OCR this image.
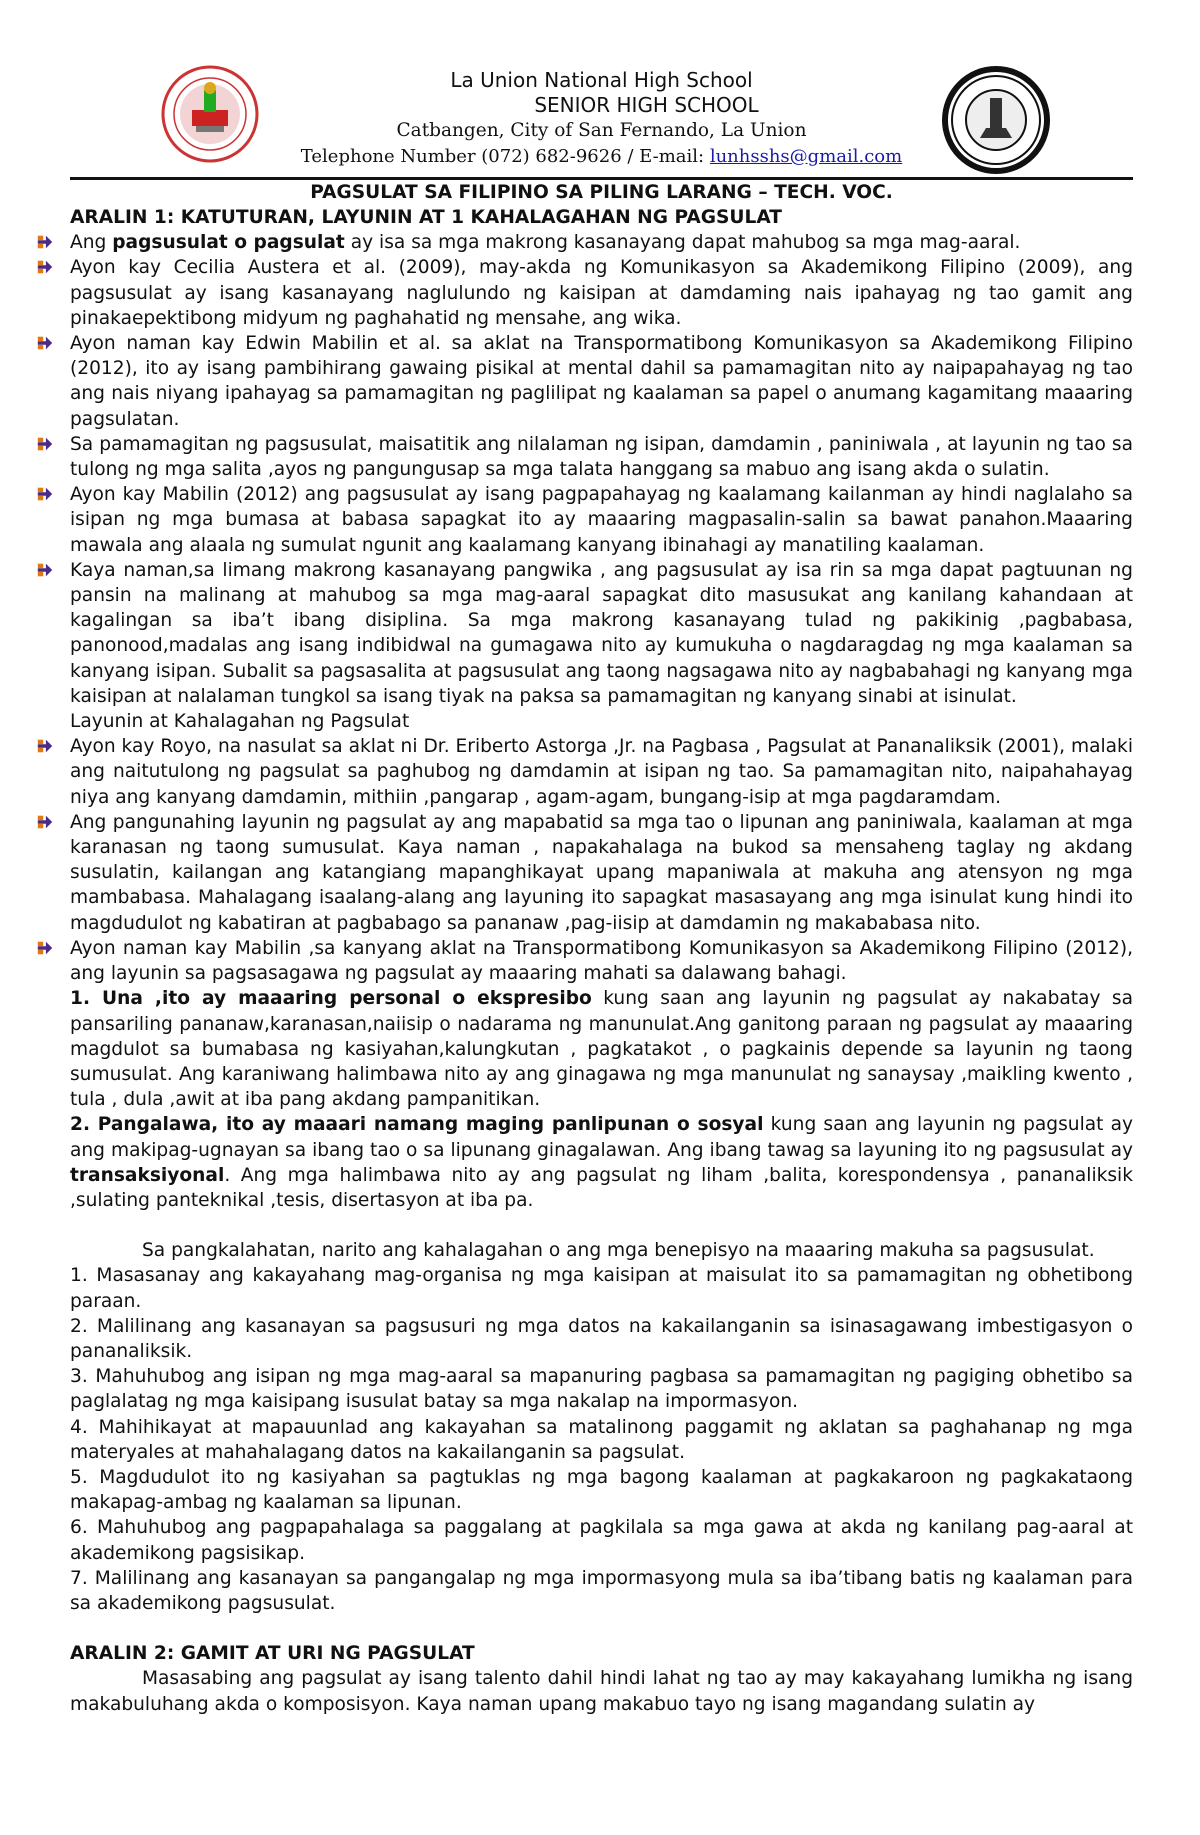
La Union National High School
SENIOR HIGH SCHOOL
Catbangen, City of San Fernando, La Union
Telephone Number (072) 682-9626 / E-mail: lunhsshs@gmail.com
PAGSULAT SA FILIPINO SA PILING LARANG – TECH. VOC.
ARALIN 1: KATUTURAN, LAYUNIN AT 1 KAHALAGAHAN NG PAGSULAT
Ang pagsusulat o pagsulat ay isa sa mga makrong kasanayang dapat mahubog sa mga mag-aaral.
Ayon kay Cecilia Austera et al. (2009), may-akda ng Komunikasyon sa Akademikong Filipino (2009), ang pagsusulat ay isang kasanayang naglulundo ng kaisipan at damdaming nais ipahayag ng tao gamit ang pinakaepektibong midyum ng paghahatid ng mensahe, ang wika.
Ayon naman kay Edwin Mabilin et al. sa aklat na Transpormatibong Komunikasyon sa Akademikong Filipino (2012), ito ay isang pambihirang gawaing pisikal at mental dahil sa pamamagitan nito ay naipapahayag ng tao ang nais niyang ipahayag sa pamamagitan ng paglilipat ng kaalaman sa papel o anumang kagamitang maaaring pagsulatan.
Sa pamamagitan ng pagsusulat, maisatitik ang nilalaman ng isipan, damdamin , paniniwala , at layunin ng tao sa tulong ng mga salita ,ayos ng pangungusap sa mga talata hanggang sa mabuo ang isang akda o sulatin.
Ayon kay Mabilin (2012) ang pagsusulat ay isang pagpapahayag ng kaalamang kailanman ay hindi naglalaho sa isipan ng mga bumasa at babasa sapagkat ito ay maaaring magpasalin-salin sa bawat panahon.Maaaring mawala ang alaala ng sumulat ngunit ang kaalamang kanyang ibinahagi ay manatiling kaalaman.
Kaya naman,sa limang makrong kasanayang pangwika , ang pagsusulat ay isa rin sa mga dapat pagtuunan ng pansin na malinang at mahubog sa mga mag-aaral sapagkat dito masusukat ang kanilang kahandaan at kagalingan sa iba’t ibang disiplina. Sa mga makrong kasanayang tulad ng pakikinig ,pagbabasa, panonood,madalas ang isang indibidwal na gumagawa nito ay kumukuha o nagdaragdag ng mga kaalaman sa kanyang isipan. Subalit sa pagsasalita at pagsusulat ang taong nagsagawa nito ay nagbabahagi ng kanyang mga kaisipan at nalalaman tungkol sa isang tiyak na paksa sa pamamagitan ng kanyang sinabi at isinulat.
Layunin at Kahalagahan ng Pagsulat
Ayon kay Royo, na nasulat sa aklat ni Dr. Eriberto Astorga ,Jr. na Pagbasa , Pagsulat at Pananaliksik (2001), malaki ang naitutulong ng pagsulat sa paghubog ng damdamin at isipan ng tao. Sa pamamagitan nito, naipahahayag niya ang kanyang damdamin, mithiin ,pangarap , agam-agam, bungang-isip at mga pagdaramdam.
Ang pangunahing layunin ng pagsulat ay ang mapabatid sa mga tao o lipunan ang paniniwala, kaalaman at mga karanasan ng taong sumusulat. Kaya naman , napakahalaga na bukod sa mensaheng taglay ng akdang susulatin, kailangan ang katangiang mapanghikayat upang mapaniwala at makuha ang atensyon ng mga mambabasa. Mahalagang isaalang-alang ang layuning ito sapagkat masasayang ang mga isinulat kung hindi ito magdudulot ng kabatiran at pagbabago sa pananaw ,pag-iisip at damdamin ng makababasa nito.
Ayon naman kay Mabilin ,sa kanyang aklat na Transpormatibong Komunikasyon sa Akademikong Filipino (2012), ang layunin sa pagsasagawa ng pagsulat ay maaaring mahati sa dalawang bahagi.
1. Una ,ito ay maaaring personal o ekspresibo kung saan ang layunin ng pagsulat ay nakabatay sa pansariling pananaw,karanasan,naiisip o nadarama ng manunulat.Ang ganitong paraan ng pagsulat ay maaaring magdulot sa bumabasa ng kasiyahan,kalungkutan , pagkatakot , o pagkainis depende sa layunin ng taong sumusulat. Ang karaniwang halimbawa nito ay ang ginagawa ng mga manunulat ng sanaysay ,maikling kwento , tula , dula ,awit at iba pang akdang pampanitikan.
2. Pangalawa, ito ay maaari namang maging panlipunan o sosyal kung saan ang layunin ng pagsulat ay ang makipag-ugnayan sa ibang tao o sa lipunang ginagalawan. Ang ibang tawag sa layuning ito ng pagsusulat ay transaksiyonal. Ang mga halimbawa nito ay ang pagsulat ng liham ,balita, korespondensya , pananaliksik ,sulating panteknikal ,tesis, disertasyon at iba pa.
Sa pangkalahatan, narito ang kahalagahan o ang mga benepisyo na maaaring makuha sa pagsusulat.
1. Masasanay ang kakayahang mag-organisa ng mga kaisipan at maisulat ito sa pamamagitan ng obhetibong paraan.
2. Malilinang ang kasanayan sa pagsusuri ng mga datos na kakailanganin sa isinasagawang imbestigasyon o pananaliksik.
3. Mahuhubog ang isipan ng mga mag-aaral sa mapanuring pagbasa sa pamamagitan ng pagiging obhetibo sa paglalatag ng mga kaisipang isusulat batay sa mga nakalap na impormasyon.
4. Mahihikayat at mapauunlad ang kakayahan sa matalinong paggamit ng aklatan sa paghahanap ng mga materyales at mahahalagang datos na kakailanganin sa pagsulat.
5. Magdudulot ito ng kasiyahan sa pagtuklas ng mga bagong kaalaman at pagkakaroon ng pagkakataong makapag-ambag ng kaalaman sa lipunan.
6. Mahuhubog ang pagpapahalaga sa paggalang at pagkilala sa mga gawa at akda ng kanilang pag-aaral at akademikong pagsisikap.
7. Malilinang ang kasanayan sa pangangalap ng mga impormasyong mula sa iba’tibang batis ng kaalaman para sa akademikong pagsusulat.
ARALIN 2: GAMIT AT URI NG PAGSULAT
Masasabing ang pagsulat ay isang talento dahil hindi lahat ng tao ay may kakayahang lumikha ng isang makabuluhang akda o komposisyon. Kaya naman upang makabuo tayo ng isang magandang sulatin ay
